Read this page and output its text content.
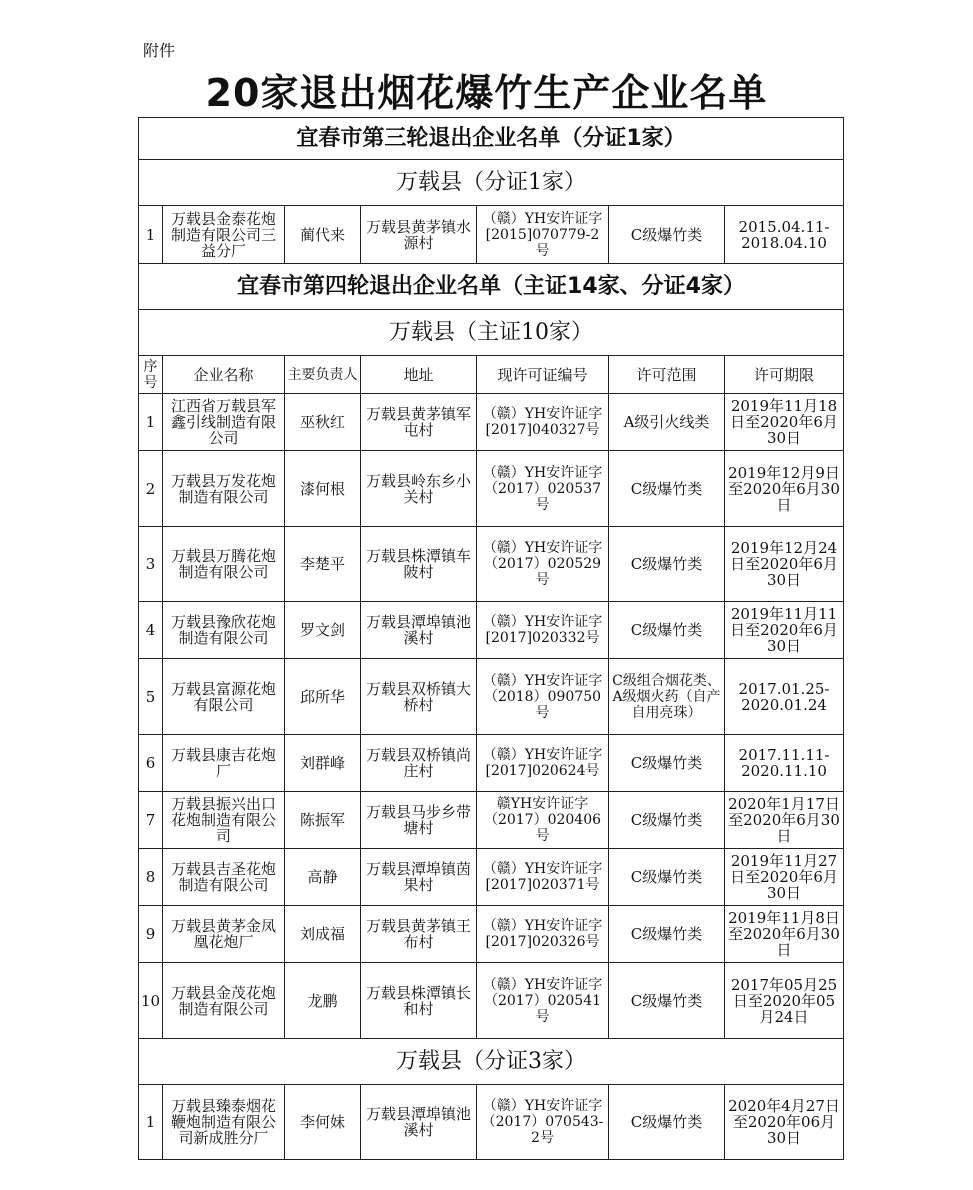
附件
20家退出烟花爆竹生产企业名单
宜春市第三轮退出企业名单（分证1家）						
万载县（分证1家）						
1	万载县金泰花炮制造有限公司三益分厂	蔺代来	万载县黄茅镇水源村	（赣）YH安许证字[2015]070779-2号	C级爆竹类	2015.04.11-2018.04.10
宜春市第四轮退出企业名单（主证14家、分证4家）						
万载县（主证10家）						
序号	企业名称	主要负责人	地址	现许可证编号	许可范围	许可期限
1	江西省万载县军鑫引线制造有限公司	巫秋红	万载县黄茅镇军屯村	（赣）YH安许证字[2017]040327号	A级引火线类	2019年11月18日至2020年6月30日
2	万载县万发花炮制造有限公司	漆何根	万载县岭东乡小关村	（赣）YH安许证字（2017）020537号	C级爆竹类	2019年12月9日至2020年6月30日
3	万载县万腾花炮制造有限公司	李楚平	万载县株潭镇车陂村	（赣）YH安许证字（2017）020529号	C级爆竹类	2019年12月24日至2020年6月30日
4	万载县豫欣花炮制造有限公司	罗文剑	万载县潭埠镇池溪村	（赣）YH安许证字[2017]020332号	C级爆竹类	2019年11月11日至2020年6月30日
5	万载县富源花炮有限公司	邱所华	万载县双桥镇大桥村	（赣）YH安许证字（2018）090750号	C级组合烟花类、A级烟火药（自产自用亮珠）	2017.01.25-2020.01.24
6	万载县康吉花炮厂	刘群峰	万载县双桥镇尚庄村	（赣）YH安许证字[2017]020624号	C级爆竹类	2017.11.11-2020.11.10
7	万载县振兴出口花炮制造有限公司	陈振军	万载县马步乡带塘村	赣YH安许证字（2017）020406号	C级爆竹类	2020年1月17日至2020年6月30日
8	万载县吉圣花炮制造有限公司	高静	万载县潭埠镇茵果村	（赣）YH安许证字[2017]020371号	C级爆竹类	2019年11月27日至2020年6月30日
9	万载县黄茅金凤凰花炮厂	刘成福	万载县黄茅镇王布村	（赣）YH安许证字[2017]020326号	C级爆竹类	2019年11月8日至2020年6月30日
10	万载县金茂花炮制造有限公司	龙鹏	万载县株潭镇长和村	（赣）YH安许证字（2017）020541号	C级爆竹类	2017年05月25日至2020年05月24日
万载县（分证3家）						
1	万载县臻泰烟花鞭炮制造有限公司新成胜分厂	李何妹	万载县潭埠镇池溪村	（赣）YH安许证字（2017）070543-2号	C级爆竹类	2020年4月27日至2020年06月30日
